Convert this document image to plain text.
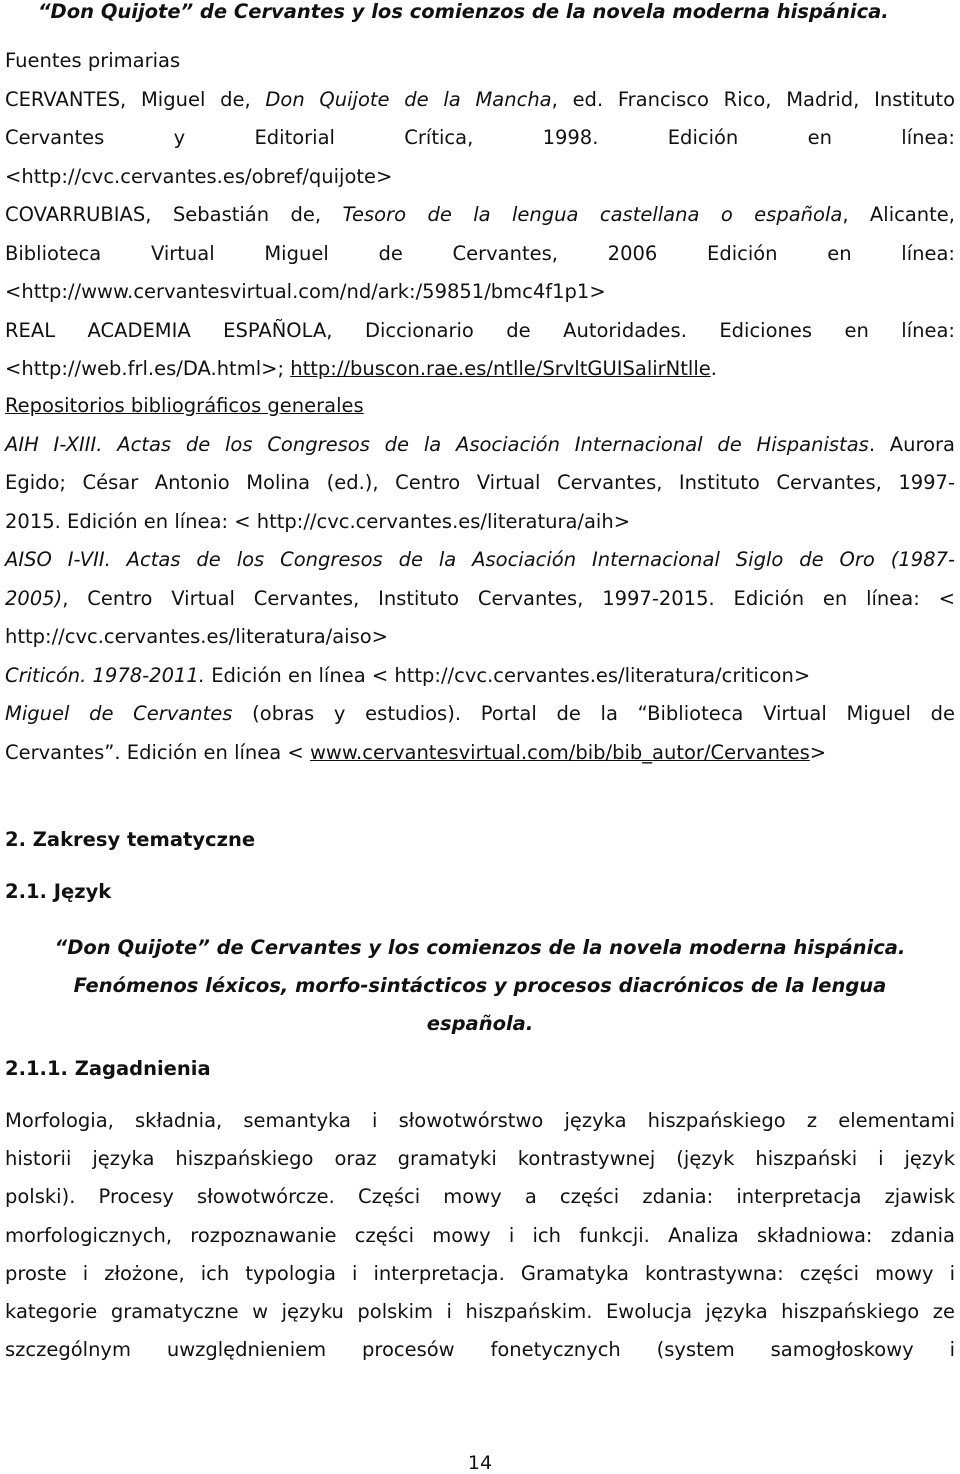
“Don Quijote” de Cervantes y los comienzos de la novela moderna hispánica.
Fuentes primarias
CERVANTES, Miguel de, Don Quijote de la Mancha, ed. Francisco Rico, Madrid, Instituto
Cervantes y Editorial Crítica, 1998. Edición en línea:
<http://cvc.cervantes.es/obref/quijote>
COVARRUBIAS, Sebastián de, Tesoro de la lengua castellana o española, Alicante,
Biblioteca Virtual Miguel de Cervantes, 2006 Edición en línea:
<http://www.cervantesvirtual.com/nd/ark:/59851/bmc4f1p1>
REAL ACADEMIA ESPAÑOLA, Diccionario de Autoridades. Ediciones en línea:
<http://web.frl.es/DA.html>; http://buscon.rae.es/ntlle/SrvltGUISalirNtlle.
Repositorios bibliográficos generales
AIH I-XIII. Actas de los Congresos de la Asociación Internacional de Hispanistas. Aurora
Egido; César Antonio Molina (ed.), Centro Virtual Cervantes, Instituto Cervantes, 1997-
2015. Edición en línea: < http://cvc.cervantes.es/literatura/aih>
AISO I-VII. Actas de los Congresos de la Asociación Internacional Siglo de Oro (1987-
2005), Centro Virtual Cervantes, Instituto Cervantes, 1997-2015. Edición en línea: <
http://cvc.cervantes.es/literatura/aiso>
Criticón. 1978-2011. Edición en línea < http://cvc.cervantes.es/literatura/criticon>
Miguel de Cervantes (obras y estudios). Portal de la “Biblioteca Virtual Miguel de
Cervantes”. Edición en línea < www.cervantesvirtual.com/bib/bib_autor/Cervantes>
2. Zakresy tematyczne
2.1. Język
“Don Quijote” de Cervantes y los comienzos de la novela moderna hispánica.
Fenómenos léxicos, morfo-sintácticos y procesos diacrónicos de la lengua
española.
2.1.1. Zagadnienia
Morfologia, składnia, semantyka i słowotwórstwo języka hiszpańskiego z elementami
historii języka hiszpańskiego oraz gramatyki kontrastywnej (język hiszpański i język
polski). Procesy słowotwórcze. Części mowy a części zdania: interpretacja zjawisk
morfologicznych, rozpoznawanie części mowy i ich funkcji. Analiza składniowa: zdania
proste i złożone, ich typologia i interpretacja. Gramatyka kontrastywna: części mowy i
kategorie gramatyczne w języku polskim i hiszpańskim. Ewolucja języka hiszpańskiego ze
szczególnym uwzględnieniem procesów fonetycznych (system samogłoskowy i
14
